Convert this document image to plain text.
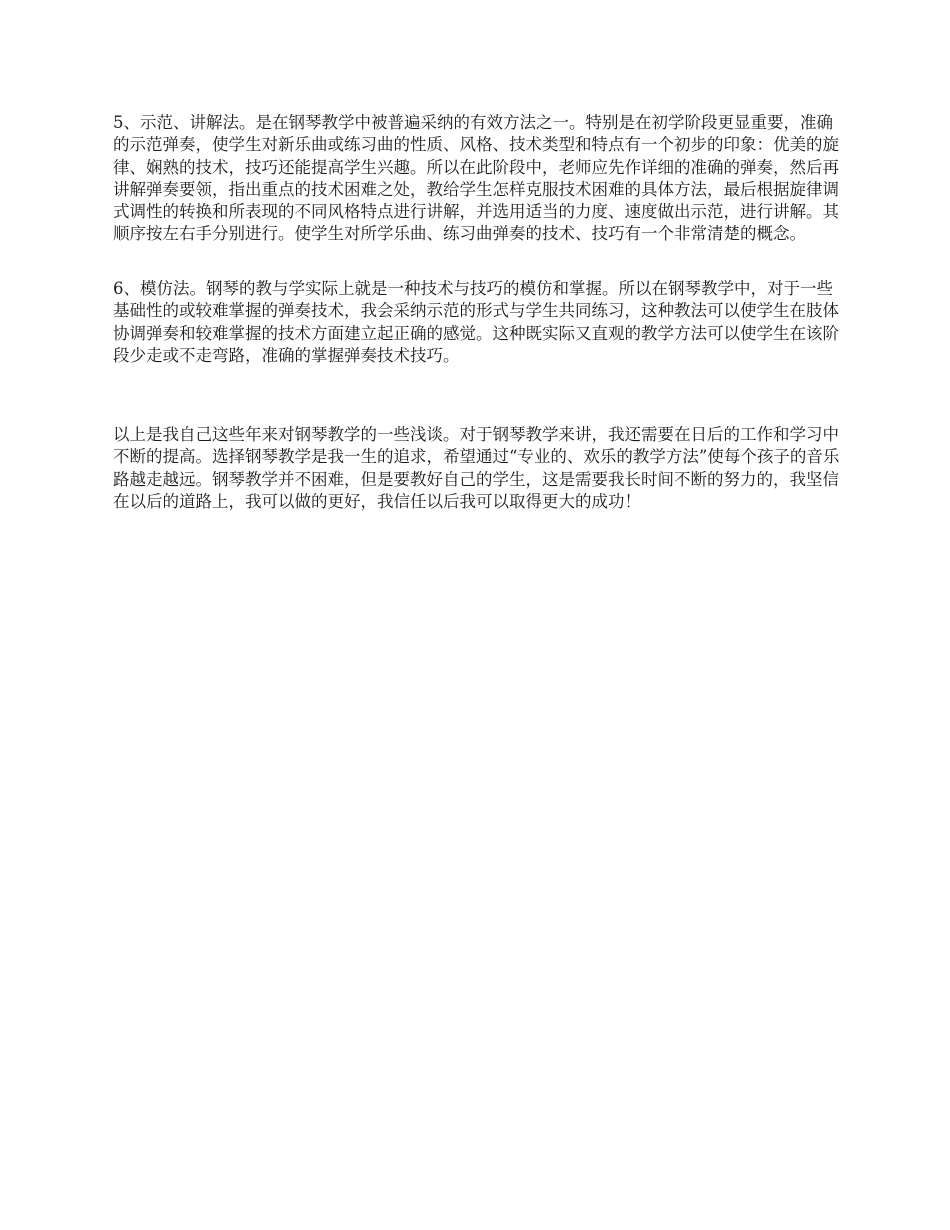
5、示范、讲解法。是在钢琴教学中被普遍采纳的有效方法之一。特别是在初学阶段更显重要，准确的示范弹奏，使学生对新乐曲或练习曲的性质、风格、技术类型和特点有一个初步的印象：优美的旋律、娴熟的技术，技巧还能提高学生兴趣。所以在此阶段中，老师应先作详细的准确的弹奏，然后再讲解弹奏要领，指出重点的技术困难之处，教给学生怎样克服技术困难的具体方法，最后根据旋律调式调性的转换和所表现的不同风格特点进行讲解，并选用适当的力度、速度做出示范，进行讲解。其顺序按左右手分别进行。使学生对所学乐曲、练习曲弹奏的技术、技巧有一个非常清楚的概念。

6、模仿法。钢琴的教与学实际上就是一种技术与技巧的模仿和掌握。所以在钢琴教学中，对于一些基础性的或较难掌握的弹奏技术，我会采纳示范的形式与学生共同练习，这种教法可以使学生在肢体协调弹奏和较难掌握的技术方面建立起正确的感觉。这种既实际又直观的教学方法可以使学生在该阶段少走或不走弯路，准确的掌握弹奏技术技巧。

以上是我自己这些年来对钢琴教学的一些浅谈。对于钢琴教学来讲，我还需要在日后的工作和学习中不断的提高。选择钢琴教学是我一生的追求，希望通过“专业的、欢乐的教学方法”使每个孩子的音乐路越走越远。钢琴教学并不困难，但是要教好自己的学生，这是需要我长时间不断的努力的，我坚信在以后的道路上，我可以做的更好，我信任以后我可以取得更大的成功！
